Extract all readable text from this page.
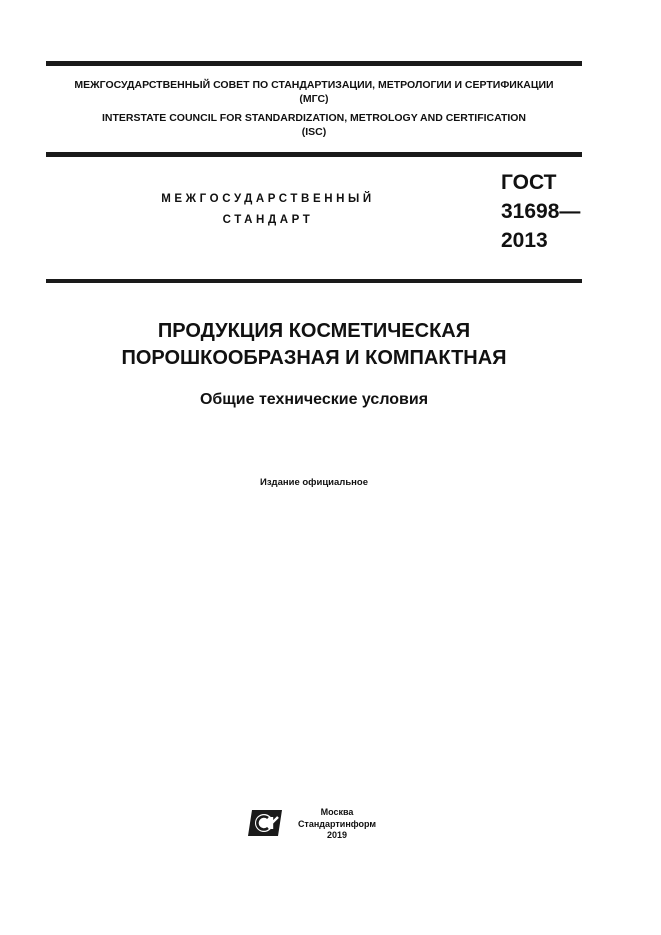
МЕЖГОСУДАРСТВЕННЫЙ СОВЕТ ПО СТАНДАРТИЗАЦИИ, МЕТРОЛОГИИ И СЕРТИФИКАЦИИ
(МГС)
INTERSTATE COUNCIL FOR STANDARDIZATION, METROLOGY AND CERTIFICATION
(ISC)
МЕЖГОСУДАРСТВЕННЫЙ
СТАНДАРТ
ГОСТ
31698—
2013
ПРОДУКЦИЯ КОСМЕТИЧЕСКАЯ
ПОРОШКООБРАЗНАЯ И КОМПАКТНАЯ
Общие технические условия
Издание официальное
Москва
Стандартинформ
2019
